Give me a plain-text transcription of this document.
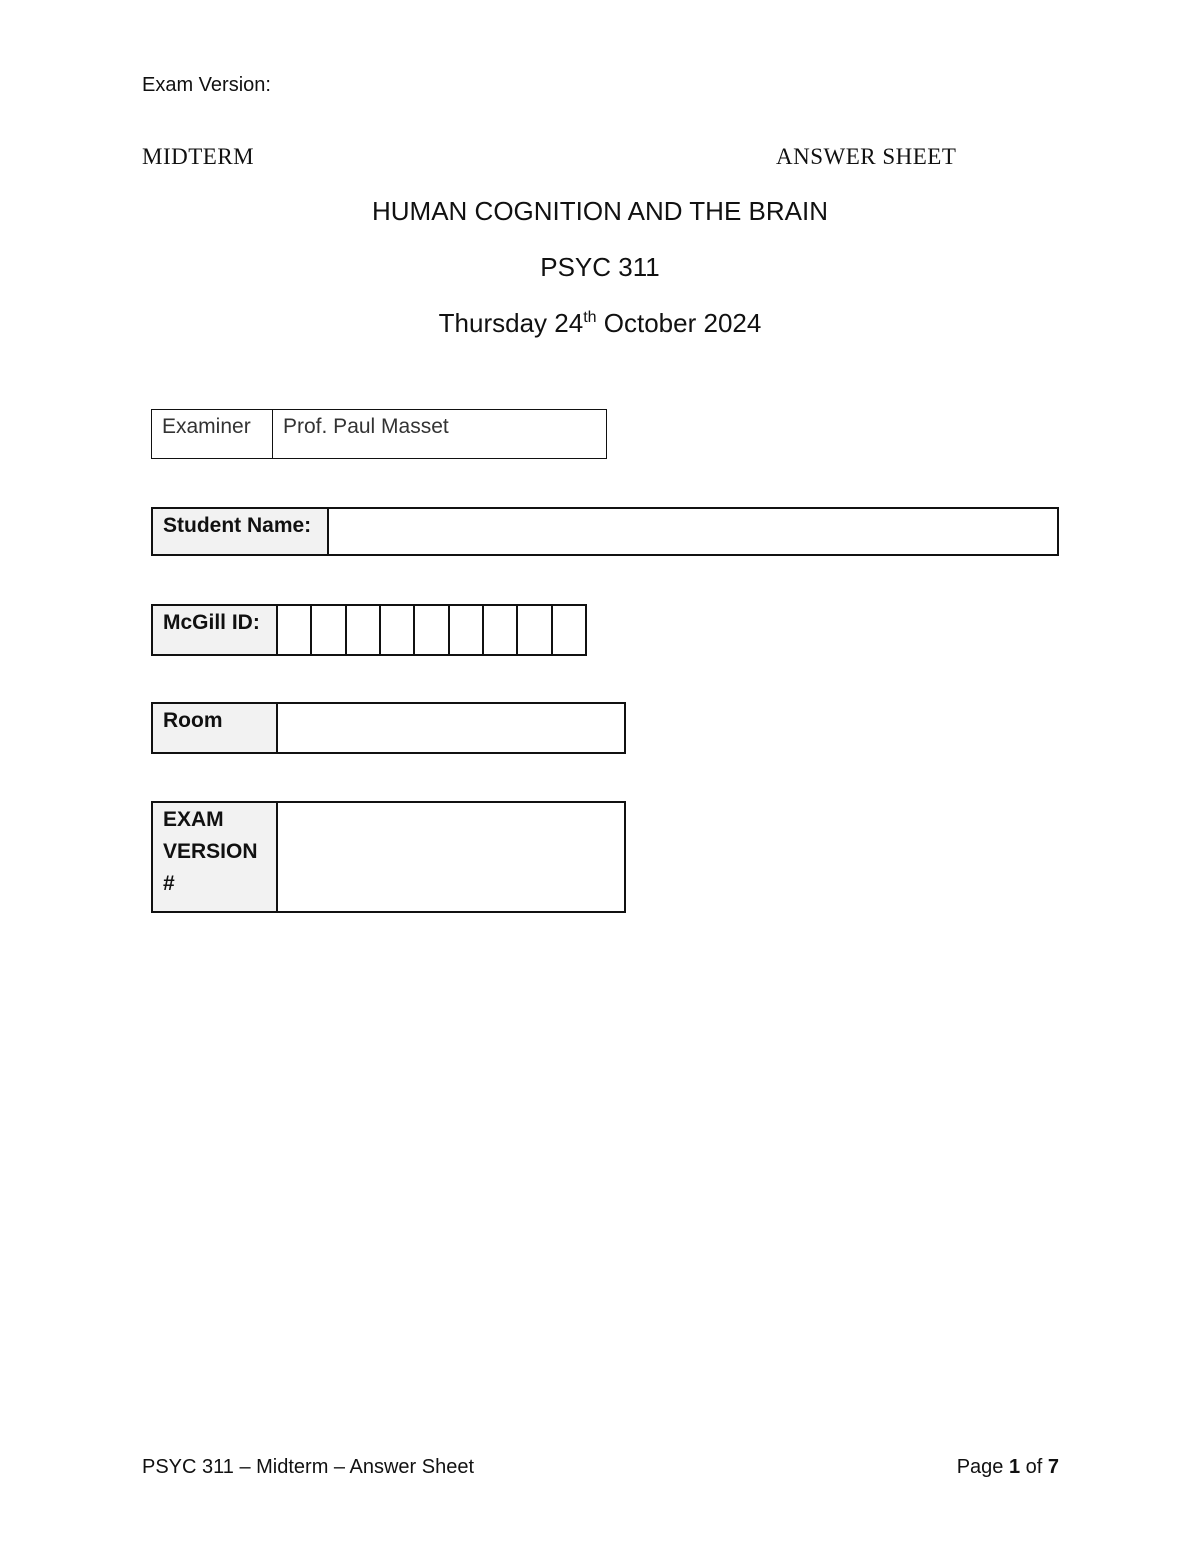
Exam Version:
MIDTERM	ANSWER SHEET
HUMAN COGNITION AND THE BRAIN
PSYC 311
Thursday 24th October 2024
Examiner	Prof. Paul Masset
Student Name:
McGill ID:
Room
EXAM
VERSION
#
PSYC 311 – Midterm – Answer Sheet	Page 1 of 7
